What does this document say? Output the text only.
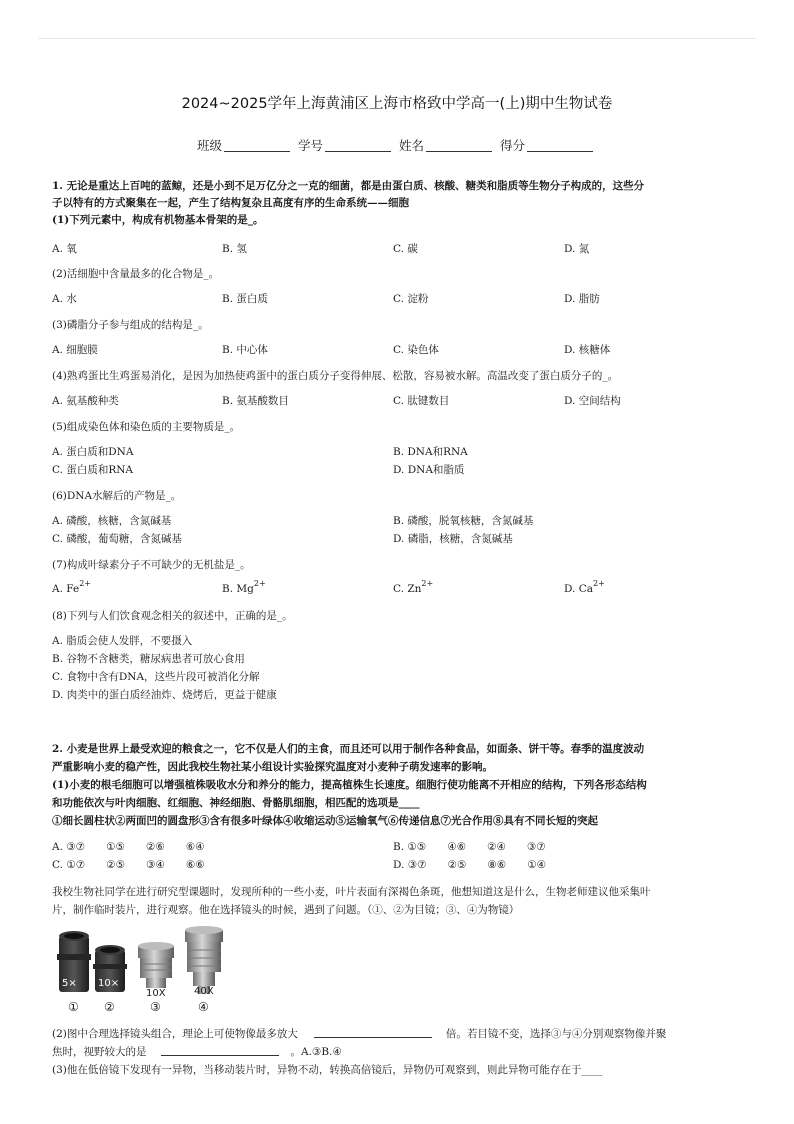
2024~2025学年上海黄浦区上海市格致中学高一(上)期中生物试卷
班级	学号	姓名	得分
1. 无论是重达上百吨的蓝鲸，还是小到不足万亿分之一克的细菌，都是由蛋白质、核酸、糖类和脂质等生物分子构成的，这些分
子以特有的方式聚集在一起，产生了结构复杂且高度有序的生命系统——细胞
(1)下列元素中，构成有机物基本骨架的是_。
A. 氧	B. 氢	C. 碳	D. 氮
(2)活细胞中含量最多的化合物是_。
A. 水	B. 蛋白质	C. 淀粉	D. 脂肪
(3)磷脂分子参与组成的结构是_。
A. 细胞膜	B. 中心体	C. 染色体	D. 核糖体
(4)熟鸡蛋比生鸡蛋易消化，是因为加热使鸡蛋中的蛋白质分子变得伸展、松散，容易被水解。高温改变了蛋白质分子的_。
A. 氨基酸种类	B. 氨基酸数目	C. 肽键数目	D. 空间结构
(5)组成染色体和染色质的主要物质是_。
A. 蛋白质和DNA	B. DNA和RNA
C. 蛋白质和RNA	D. DNA和脂质
(6)DNA水解后的产物是_。
A. 磷酸，核糖，含氮碱基	B. 磷酸，脱氧核糖，含氮碱基
C. 磷酸，葡萄糖，含氮碱基	D. 磷脂，核糖，含氮碱基
(7)构成叶绿素分子不可缺少的无机盐是_。
A. $Fe^{2+}$	B. $Mg^{2+}$	C. $Zn^{2+}$	D. $Ca^{2+}$
(8)下列与人们饮食观念相关的叙述中，正确的是_。
A. 脂质会使人发胖，不要摄入
B. 谷物不含糖类，糖尿病患者可放心食用
C. 食物中含有DNA，这些片段可被消化分解
D. 肉类中的蛋白质经油炸、烧烤后，更益于健康
2. 小麦是世界上最受欢迎的粮食之一，它不仅是人们的主食，而且还可以用于制作各种食品，如面条、饼干等。春季的温度波动
严重影响小麦的稳产性，因此我校生物社某小组设计实验探究温度对小麦种子萌发速率的影响。
(1)小麦的根毛细胞可以增强植株吸收水分和养分的能力，提高植株生长速度。细胞行使功能离不开相应的结构，下列各形态结构
和功能依次与叶肉细胞、红细胞、神经细胞、骨骼肌细胞，相匹配的选项是____
①细长圆柱状②两面凹的圆盘形③含有很多叶绿体④收缩运动⑤运输氧气⑥传递信息⑦光合作用⑧具有不同长短的突起
A. ③⑦　　①⑤　　②⑥　　⑥④	B. ①⑤　　④⑥　　②④　　③⑦
C. ①⑦　　②⑤　　③④　　⑥⑥	D. ③⑦　　②⑤　　⑧⑥　　①④
我校生物社同学在进行研究型课题时，发现所种的一些小麦，叶片表面有深褐色条斑，他想知道这是什么，生物老师建议他采集叶
片，制作临时装片，进行观察。他在选择镜头的时候，遇到了问题。（①、②为目镜；③、④为物镜）
5× 10×
10X	40X
① ②	③	④
(2)图中合理选择镜头组合，理论上可使物像最多放大	倍。若目镜不变，选择③与④分别观察物像并聚
焦时，视野较大的是	。A.③B.④
(3)他在低倍镜下发现有一异物，当移动装片时，异物不动，转换高倍镜后，异物仍可观察到，则此异物可能存在于____
